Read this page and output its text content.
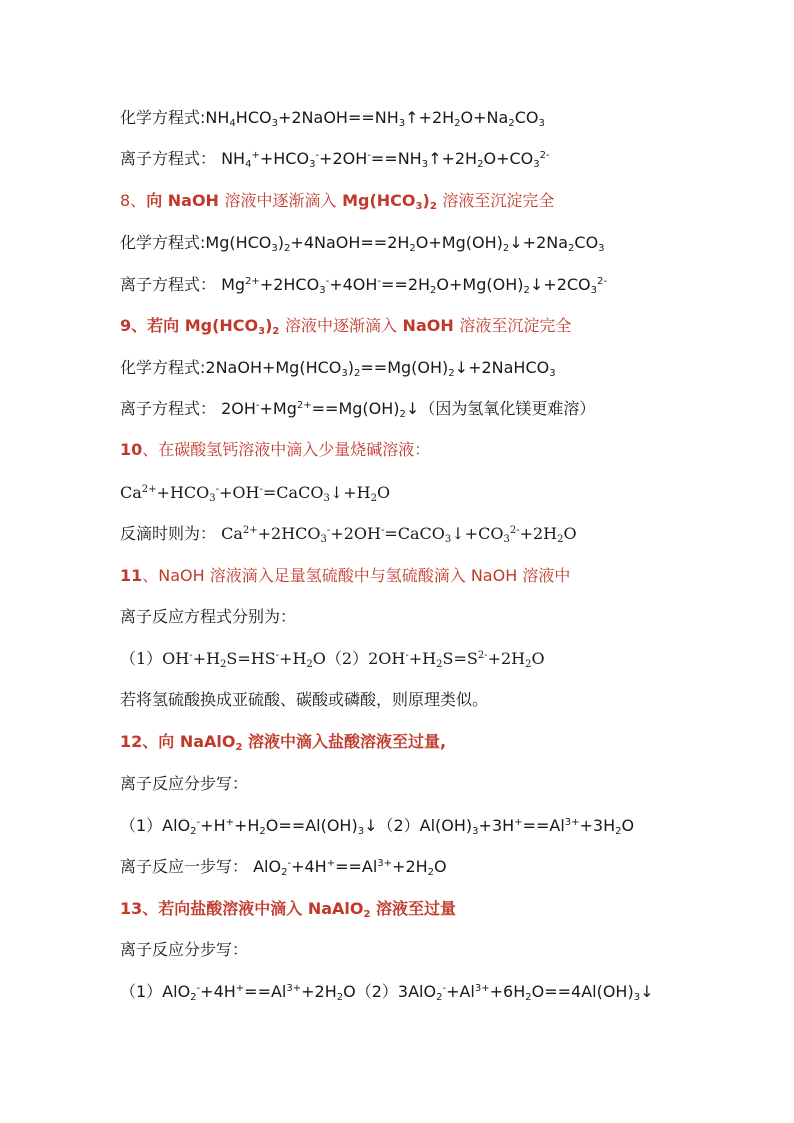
化学方程式$:NH_4HCO_3+2NaOH==NH_3↑+2H_2O+Na_2CO_3$
离子方程式： $NH_4^++HCO_3^-+2OH^-==NH_3↑+2H_2O+CO_3^{2-}$
8、向 NaOH 溶液中逐渐滴入 $Mg(HCO_3)_2$ 溶液至沉淀完全
化学方程式$:Mg(HCO_3)_2+4NaOH==2H_2O+Mg(OH)_2↓+2Na_2CO_3$
离子方程式： $Mg^{2+}+2HCO_3^-+4OH^-==2H_2O+Mg(OH)_2↓+2CO_3^{2-}$
9、若向 $Mg(HCO_3)_2$ 溶液中逐渐滴入 NaOH 溶液至沉淀完全
化学方程式$:2NaOH+Mg(HCO_3)_2==Mg(OH)_2↓+2NaHCO_3$
离子方程式： $2OH^-+Mg^{2+}==Mg(OH)_2↓$（因为氢氧化镁更难溶）
10、在碳酸氢钙溶液中滴入少量烧碱溶液：
$Ca^{2+}+HCO_3^-+OH^-=CaCO_3↓+H_2O$
反滴时则为： $Ca^{2+}+2HCO_3^-+2OH^-=CaCO_3↓+CO_3^{2-}+2H_2O$
11、NaOH 溶液滴入足量氢硫酸中与氢硫酸滴入 NaOH 溶液中
离子反应方程式分别为：
$(1)OH^-+H_2S=HS^-+H_2O(2)2OH^-+H_2S=S^{2-}+2H_2O$
若将氢硫酸换成亚硫酸、碳酸或磷酸，则原理类似。
12、向 NaAlO$_2$ 溶液中滴入盐酸溶液至过量,
离子反应分步写：
$(1)AlO_2^-+H^++H_2O==Al(OH)_3↓(2)Al(OH)_3+3H^+==Al^{3+}+3H_2O$
离子反应一步写： $AlO_2^-+4H^+==Al^{3+}+2H_2O$
13、若向盐酸溶液中滴入 NaAlO$_2$ 溶液至过量
离子反应分步写：
$(1)AlO_2^-+4H^+==Al^{3+}+2H_2O(2)3AlO_2^-+Al^{3+}+6H_2O==4Al(OH)_3↓$
